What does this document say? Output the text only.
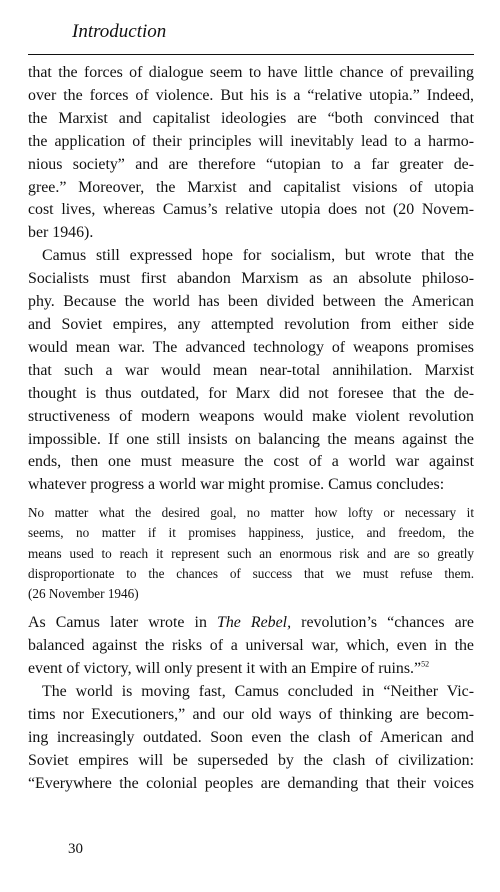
Introduction

that the forces of dialogue seem to have little chance of prevailing
over the forces of violence. But his is a “relative utopia.” Indeed,
the Marxist and capitalist ideologies are “both convinced that
the application of their principles will inevitably lead to a harmo-
nious society” and are therefore “utopian to a far greater de-
gree.” Moreover, the Marxist and capitalist visions of utopia
cost lives, whereas Camus’s relative utopia does not (20 Novem-
ber 1946).

Camus still expressed hope for socialism, but wrote that the
Socialists must first abandon Marxism as an absolute philoso-
phy. Because the world has been divided between the American
and Soviet empires, any attempted revolution from either side
would mean war. The advanced technology of weapons promises
that such a war would mean near-total annihilation. Marxist
thought is thus outdated, for Marx did not foresee that the de-
structiveness of modern weapons would make violent revolution
impossible. If one still insists on balancing the means against the
ends, then one must measure the cost of a world war against
whatever progress a world war might promise. Camus concludes:

No matter what the desired goal, no matter how lofty or necessary it
seems, no matter if it promises happiness, justice, and freedom, the
means used to reach it represent such an enormous risk and are so greatly
disproportionate to the chances of success that we must refuse them.
(26 November 1946)

As Camus later wrote in The Rebel, revolution’s “chances are
balanced against the risks of a universal war, which, even in the
event of victory, will only present it with an Empire of ruins.”$^{52}$

The world is moving fast, Camus concluded in “Neither Vic-
tims nor Executioners,” and our old ways of thinking are becom-
ing increasingly outdated. Soon even the clash of American and
Soviet empires will be superseded by the clash of civilization:
“Everywhere the colonial peoples are demanding that their voices

30
